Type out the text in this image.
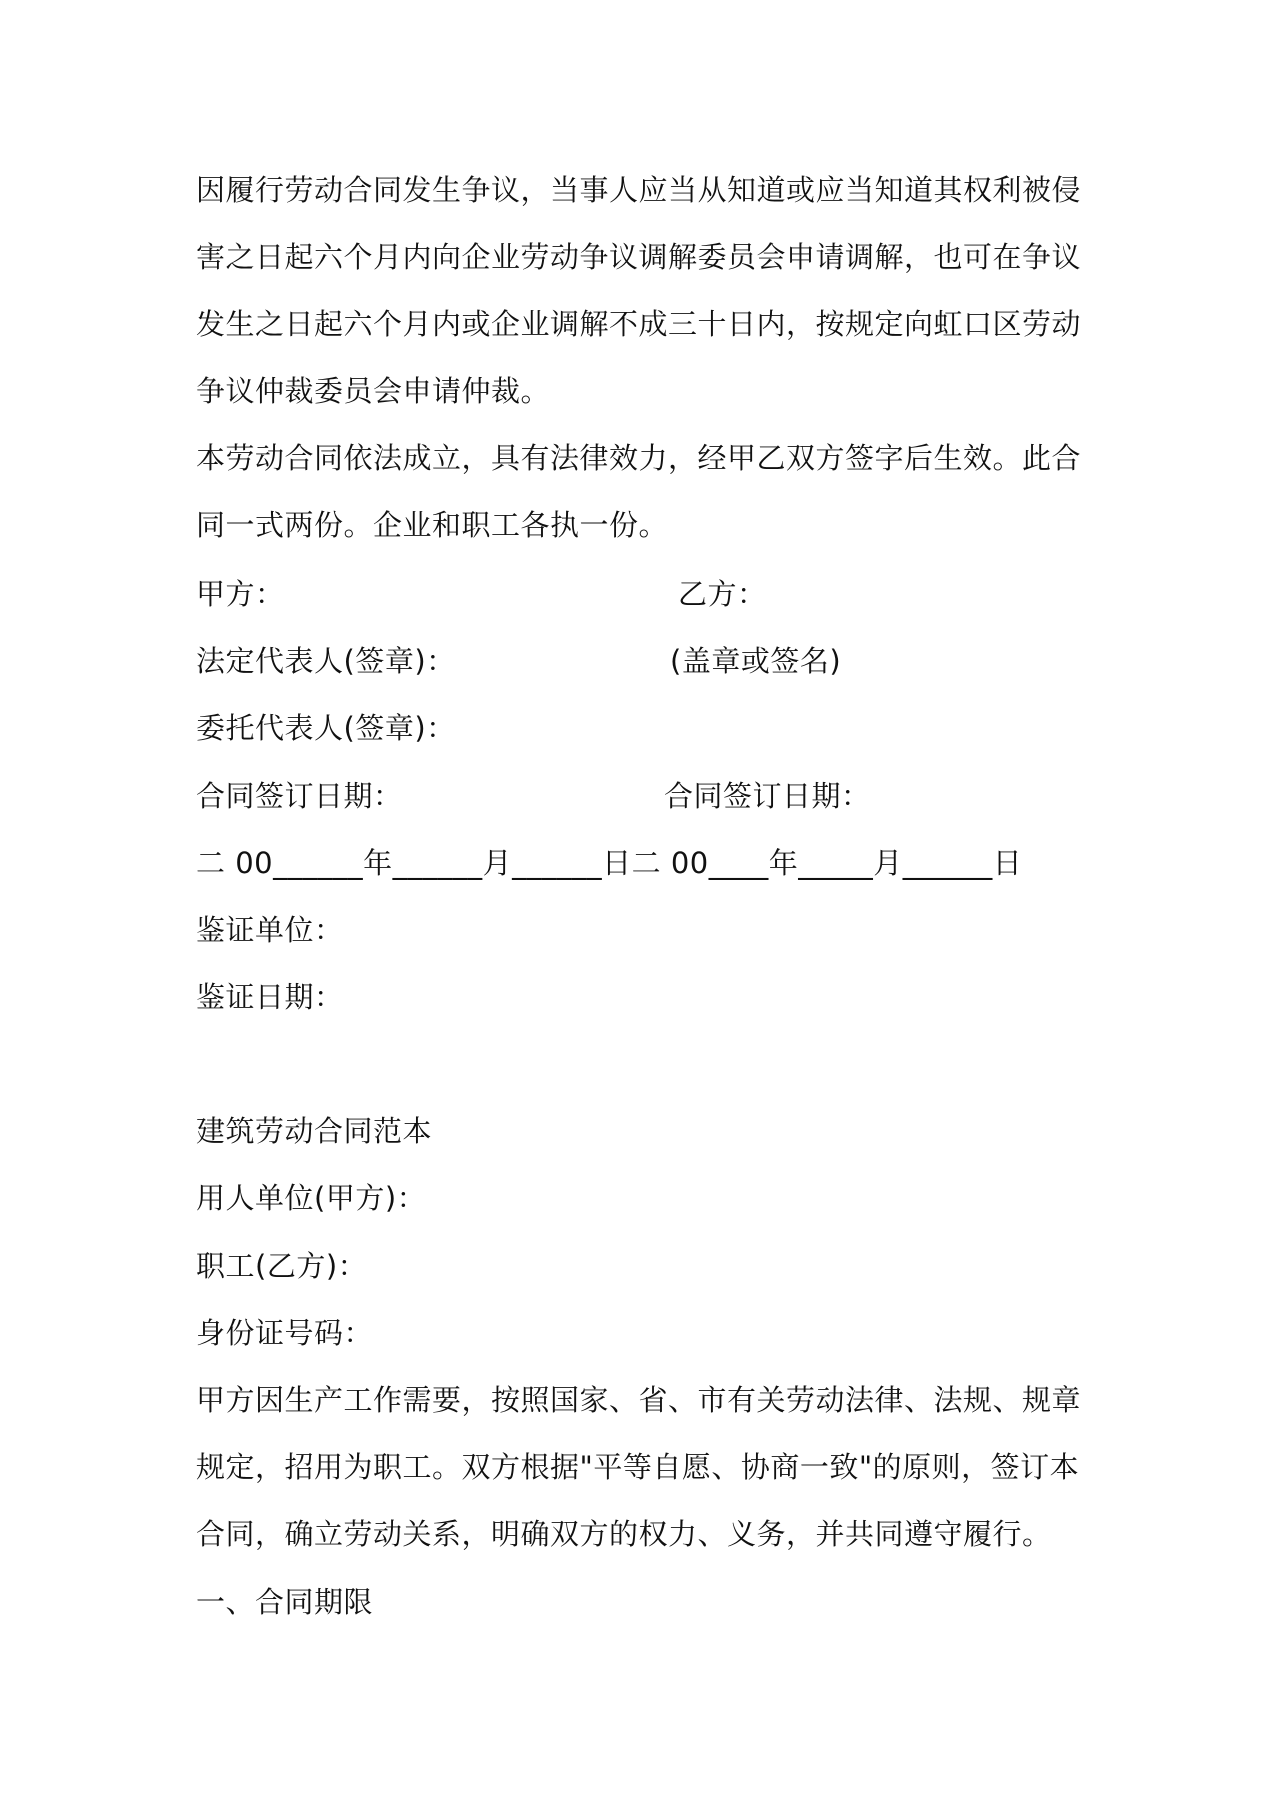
因履行劳动合同发生争议，当事人应当从知道或应当知道其权利被侵
害之日起六个月内向企业劳动争议调解委员会申请调解，也可在争议
发生之日起六个月内或企业调解不成三十日内，按规定向虹口区劳动
争议仲裁委员会申请仲裁。
本劳动合同依法成立，具有法律效力，经甲乙双方签字后生效。此合
同一式两份。企业和职工各执一份。
甲方：	乙方：
法定代表人(签章)：	(盖章或签名)
委托代表人(签章)：
合同签订日期：	合同签订日期：
二 00______年______月______日二 00____年_____月______日
鉴证单位：
鉴证日期：
建筑劳动合同范本
用人单位(甲方)：
职工(乙方)：
身份证号码：
甲方因生产工作需要，按照国家、省、市有关劳动法律、法规、规章
规定，招用为职工。双方根据"平等自愿、协商一致"的原则，签订本
合同，确立劳动关系，明确双方的权力、义务，并共同遵守履行。
一、合同期限
